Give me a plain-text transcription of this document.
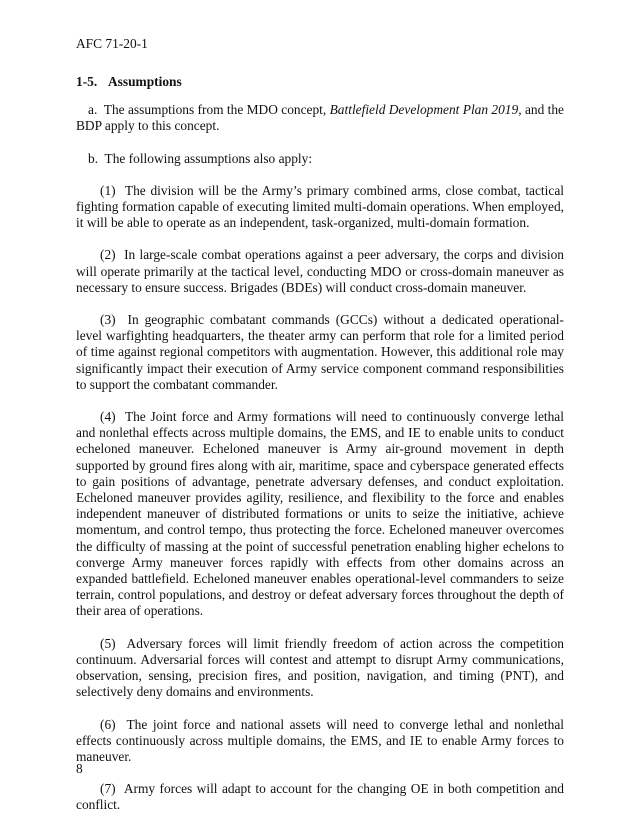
AFC 71-20-1
1-5. Assumptions

a. The assumptions from the MDO concept, Battlefield Development Plan 2019, and the BDP apply to this concept.

b. The following assumptions also apply:

(1) The division will be the Army’s primary combined arms, close combat, tactical fighting formation capable of executing limited multi-domain operations. When employed, it will be able to operate as an independent, task-organized, multi-domain formation.

(2) In large-scale combat operations against a peer adversary, the corps and division will operate primarily at the tactical level, conducting MDO or cross-domain maneuver as necessary to ensure success. Brigades (BDEs) will conduct cross-domain maneuver.

(3) In geographic combatant commands (GCCs) without a dedicated operational-level warfighting headquarters, the theater army can perform that role for a limited period of time against regional competitors with augmentation. However, this additional role may significantly impact their execution of Army service component command responsibilities to support the combatant commander.

(4) The Joint force and Army formations will need to continuously converge lethal and nonlethal effects across multiple domains, the EMS, and IE to enable units to conduct echeloned maneuver. Echeloned maneuver is Army air-ground movement in depth supported by ground fires along with air, maritime, space and cyberspace generated effects to gain positions of advantage, penetrate adversary defenses, and conduct exploitation. Echeloned maneuver provides agility, resilience, and flexibility to the force and enables independent maneuver of distributed formations or units to seize the initiative, achieve momentum, and control tempo, thus protecting the force. Echeloned maneuver overcomes the difficulty of massing at the point of successful penetration enabling higher echelons to converge Army maneuver forces rapidly with effects from other domains across an expanded battlefield. Echeloned maneuver enables operational-level commanders to seize terrain, control populations, and destroy or defeat adversary forces throughout the depth of their area of operations.

(5) Adversary forces will limit friendly freedom of action across the competition continuum. Adversarial forces will contest and attempt to disrupt Army communications, observation, sensing, precision fires, and position, navigation, and timing (PNT), and selectively deny domains and environments.

(6) The joint force and national assets will need to converge lethal and nonlethal effects continuously across multiple domains, the EMS, and IE to enable Army forces to maneuver.

(7) Army forces will adapt to account for the changing OE in both competition and conflict.

8
